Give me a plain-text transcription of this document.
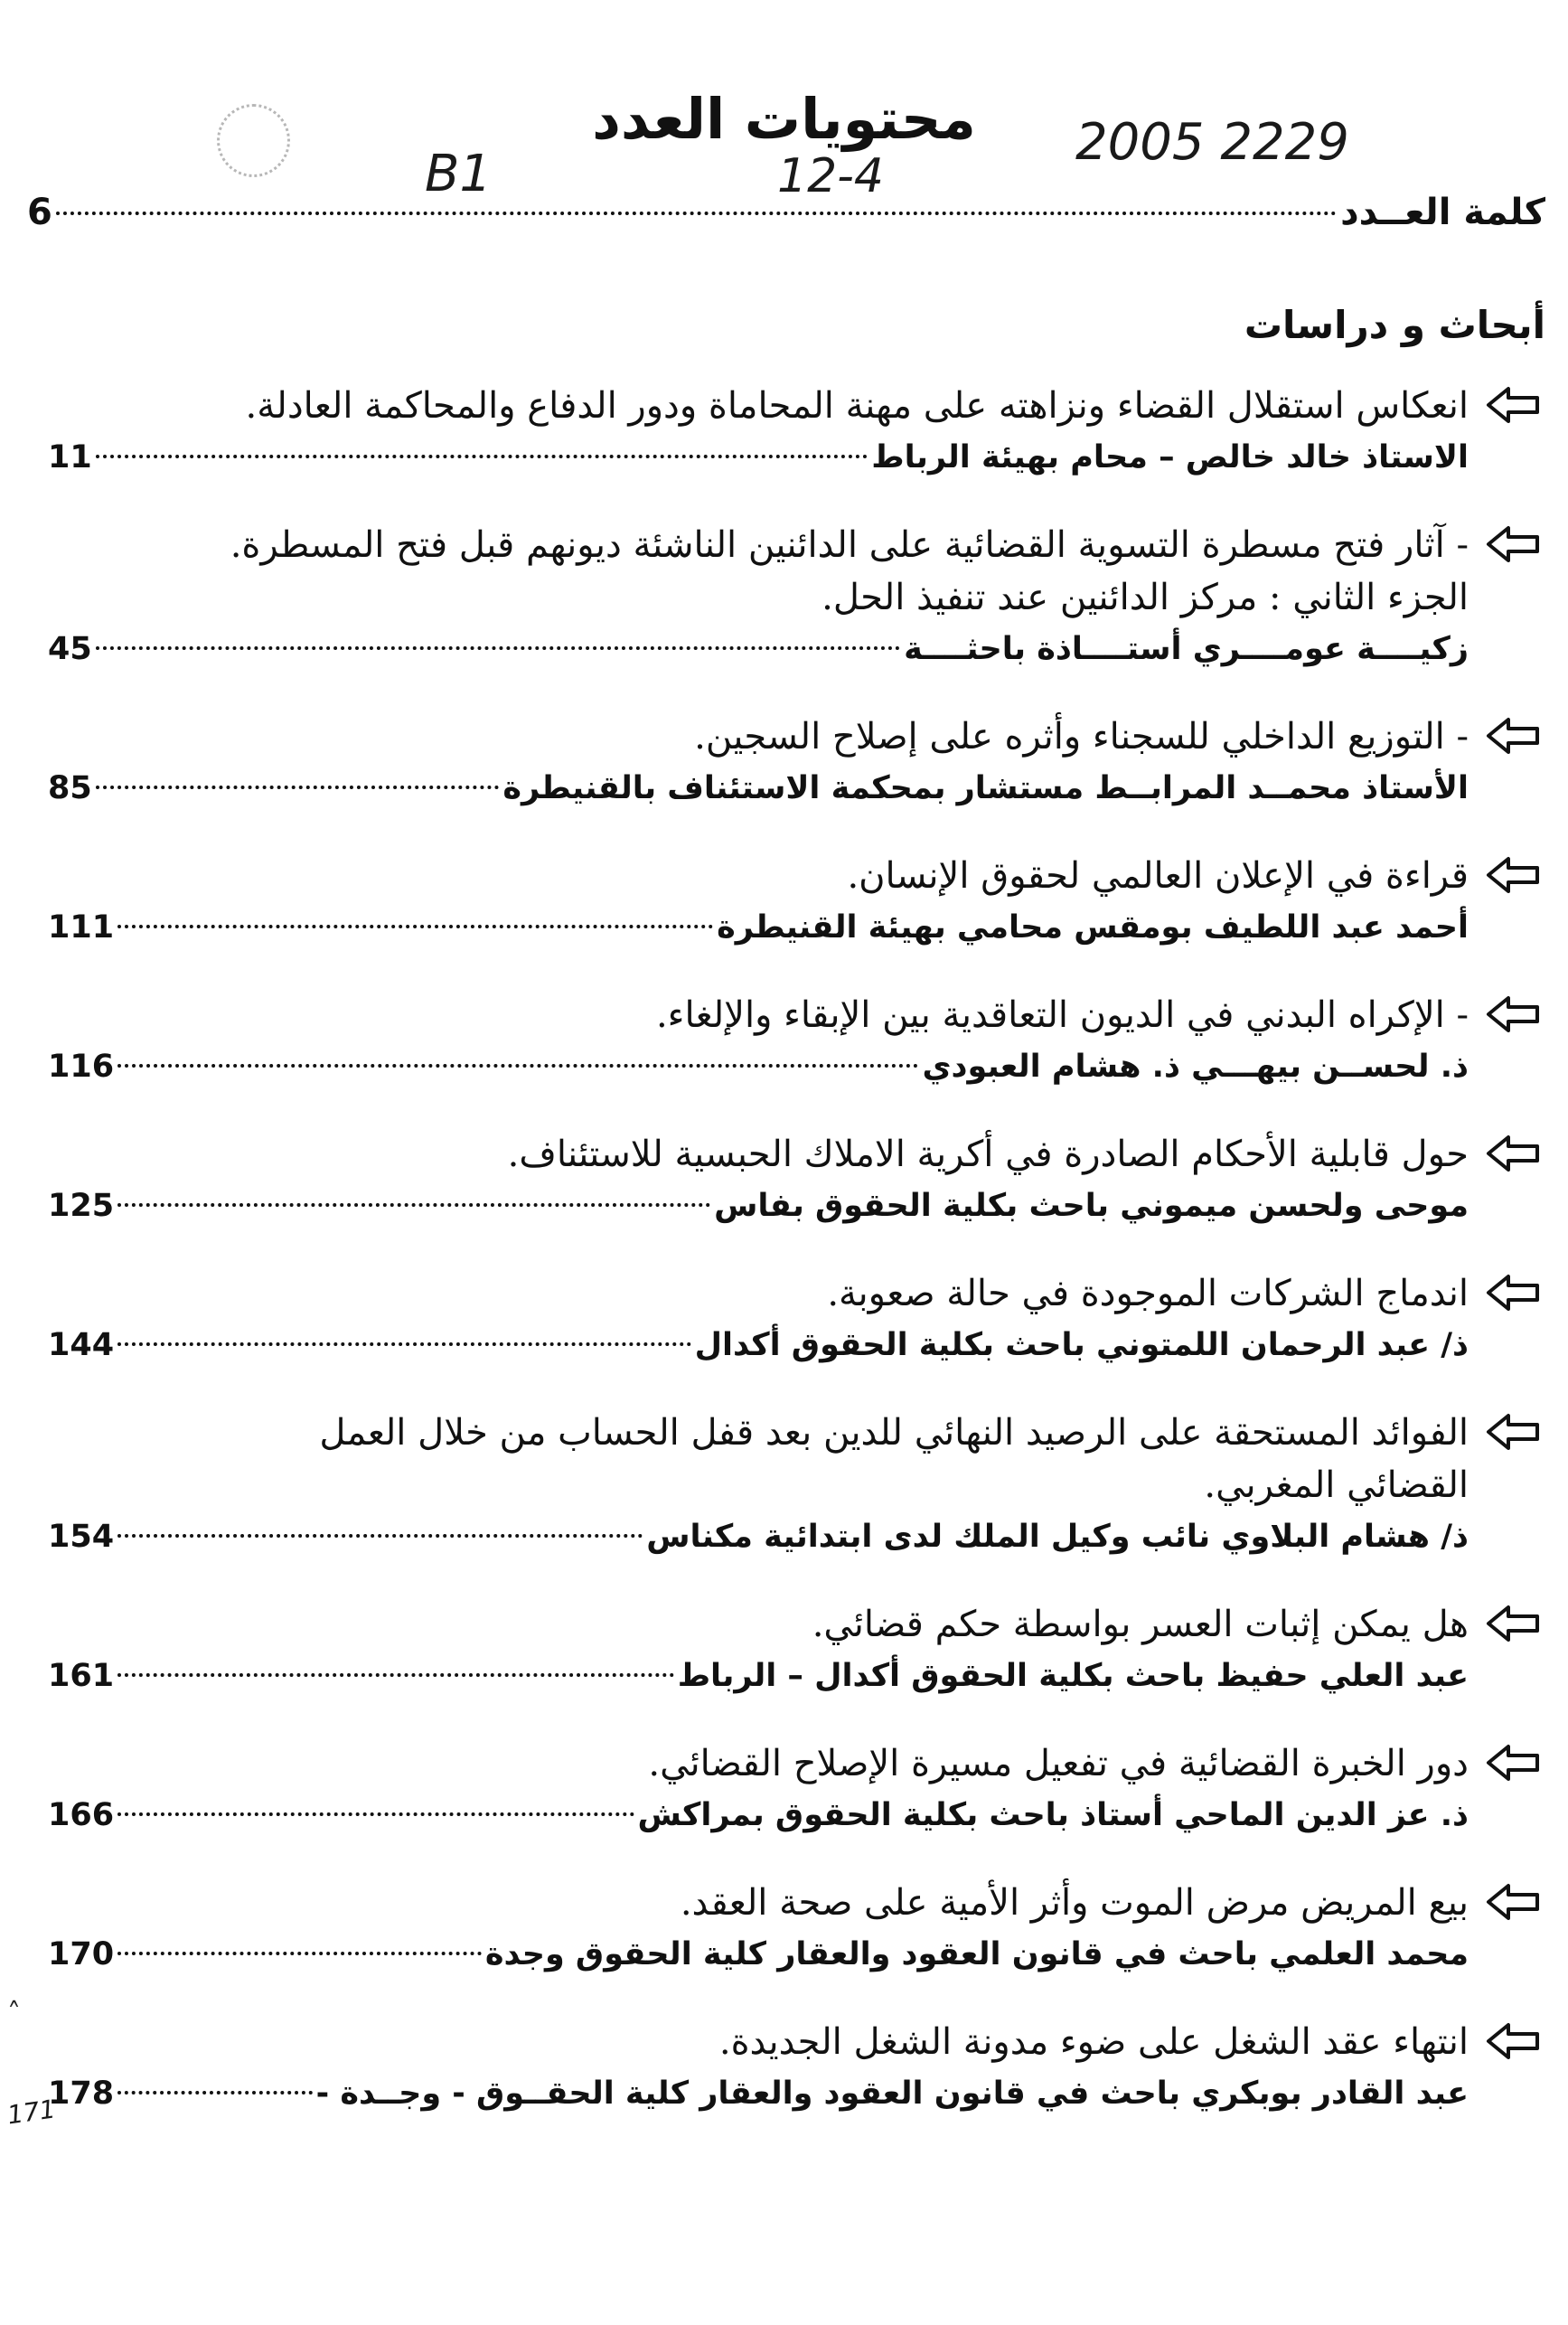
محتويات العدد
B1	12-4
2005 2229
كلمة العــدد
6
أبحاث و دراسات
انعكاس استقلال القضاء ونزاهته على مهنة المحاماة ودور الدفاع والمحاكمة العادلة.
الاستاذ خالد خالص – محام بهيئة الرباط
11
- آثار فتح مسطرة التسوية القضائية على الدائنين الناشئة ديونهم قبل فتح المسطرة.
الجزء الثاني : مركز الدائنين عند تنفيذ الحل.
زكيــــة عومــــري أستــــاذة باحثــــة
45
- التوزيع الداخلي للسجناء وأثره على إصلاح السجين.
الأستاذ محمــد المرابــط مستشار بمحكمة الاستئناف بالقنيطرة
85
قراءة في الإعلان العالمي لحقوق الإنسان.
أحمد عبد اللطيف بومقس محامي بهيئة القنيطرة
111
- الإكراه البدني في الديون التعاقدية بين الإبقاء والإلغاء.
ذ. لحســن بيهـــي ذ. هشام العبودي
116
حول قابلية الأحكام الصادرة في أكرية الاملاك الحبسية للاستئناف.
موحى ولحسن ميموني باحث بكلية الحقوق بفاس
125
اندماج الشركات الموجودة في حالة صعوبة.
ذ/ عبد الرحمان اللمتوني باحث بكلية الحقوق أكدال
144
الفوائد المستحقة على الرصيد النهائي للدين بعد قفل الحساب من خلال العمل
القضائي المغربي.
ذ/ هشام البلاوي نائب وكيل الملك لدى ابتدائية مكناس
154
هل يمكن إثبات العسر بواسطة حكم قضائي.
عبد العلي حفيظ باحث بكلية الحقوق أكدال – الرباط
161
دور الخبرة القضائية في تفعيل مسيرة الإصلاح القضائي.
ذ. عز الدين الماحي أستاذ باحث بكلية الحقوق بمراكش
166
بيع المريض مرض الموت وأثر الأمية على صحة العقد.
محمد العلمي باحث في قانون العقود والعقار كلية الحقوق وجدة
170
انتهاء عقد الشغل على ضوء مدونة الشغل الجديدة.
عبد القادر بوبكري باحث في قانون العقود والعقار كلية الحقــوق - وجــدة -
178
˄
171
